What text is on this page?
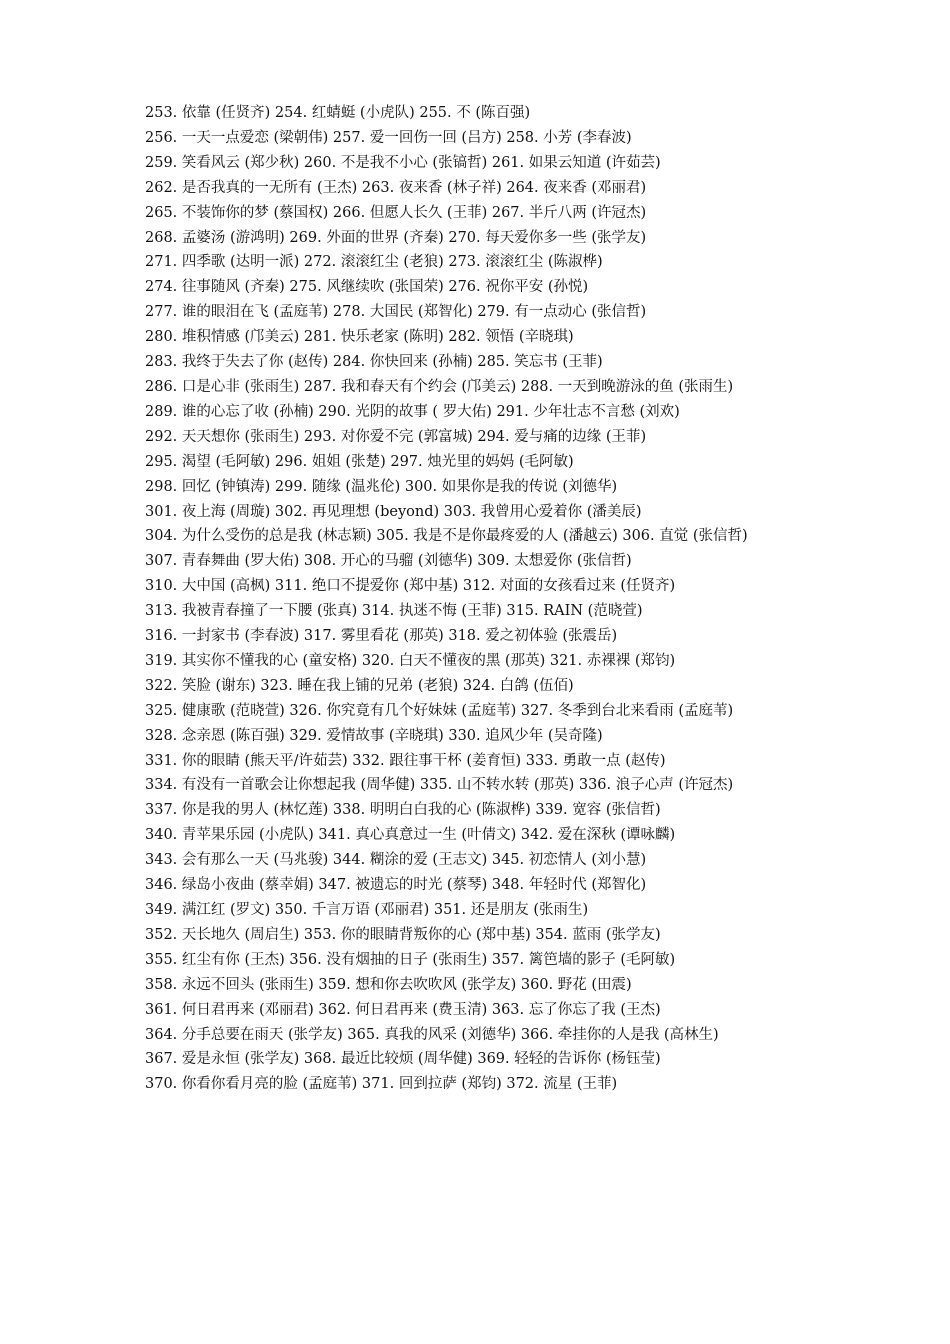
253. 依靠 (任贤齐) 254. 红蜻蜓 (小虎队) 255. 不 (陈百强)
256. 一天一点爱恋 (梁朝伟) 257. 爱一回伤一回 (吕方) 258. 小芳 (李春波)
259. 笑看风云 (郑少秋) 260. 不是我不小心 (张镐哲) 261. 如果云知道 (许茹芸)
262. 是否我真的一无所有 (王杰) 263. 夜来香 (林子祥) 264. 夜来香 (邓丽君)
265. 不装饰你的梦 (蔡国权) 266. 但愿人长久 (王菲) 267. 半斤八两 (许冠杰)
268. 孟婆汤 (游鸿明) 269. 外面的世界 (齐秦) 270. 每天爱你多一些 (张学友)
271. 四季歌 (达明一派) 272. 滚滚红尘 (老狼) 273. 滚滚红尘 (陈淑桦)
274. 往事随风 (齐秦) 275. 风继续吹 (张国荣) 276. 祝你平安 (孙悦)
277. 谁的眼泪在飞 (孟庭苇) 278. 大国民 (郑智化) 279. 有一点动心 (张信哲)
280. 堆积情感 (邝美云) 281. 快乐老家 (陈明) 282. 领悟 (辛晓琪)
283. 我终于失去了你 (赵传) 284. 你快回来 (孙楠) 285. 笑忘书 (王菲)
286. 口是心非 (张雨生) 287. 我和春天有个约会 (邝美云) 288. 一天到晚游泳的鱼 (张雨生)
289. 谁的心忘了收 (孙楠) 290. 光阴的故事 ( 罗大佑) 291. 少年壮志不言愁 (刘欢)
292. 天天想你 (张雨生) 293. 对你爱不完 (郭富城) 294. 爱与痛的边缘 (王菲)
295. 渴望 (毛阿敏) 296. 姐姐 (张楚) 297. 烛光里的妈妈 (毛阿敏)
298. 回忆 (钟镇涛) 299. 随缘 (温兆伦) 300. 如果你是我的传说 (刘德华)
301. 夜上海 (周璇) 302. 再见理想 (beyond) 303. 我曾用心爱着你 (潘美辰)
304. 为什么受伤的总是我 (林志颖) 305. 我是不是你最疼爱的人 (潘越云) 306. 直觉 (张信哲)
307. 青春舞曲 (罗大佑) 308. 开心的马骝 (刘德华) 309. 太想爱你 (张信哲)
310. 大中国 (高枫) 311. 绝口不提爱你 (郑中基) 312. 对面的女孩看过来 (任贤齐)
313. 我被青春撞了一下腰 (张真) 314. 执迷不悔 (王菲) 315. RAIN (范晓萱)
316. 一封家书 (李春波) 317. 雾里看花 (那英) 318. 爱之初体验 (张震岳)
319. 其实你不懂我的心 (童安格) 320. 白天不懂夜的黑 (那英) 321. 赤裸裸 (郑钧)
322. 笑脸 (谢东) 323. 睡在我上铺的兄弟 (老狼) 324. 白鸽 (伍佰)
325. 健康歌 (范晓萱) 326. 你究竟有几个好妹妹 (孟庭苇) 327. 冬季到台北来看雨 (孟庭苇)
328. 念亲恩 (陈百强) 329. 爱情故事 (辛晓琪) 330. 追风少年 (吴奇隆)
331. 你的眼睛 (熊天平/许茹芸) 332. 跟往事干杯 (姜育恒) 333. 勇敢一点 (赵传)
334. 有没有一首歌会让你想起我 (周华健) 335. 山不转水转 (那英) 336. 浪子心声 (许冠杰)
337. 你是我的男人 (林忆莲) 338. 明明白白我的心 (陈淑桦) 339. 宽容 (张信哲)
340. 青苹果乐园 (小虎队) 341. 真心真意过一生 (叶倩文) 342. 爱在深秋 (谭咏麟)
343. 会有那么一天 (马兆骏) 344. 糊涂的爱 (王志文) 345. 初恋情人 (刘小慧)
346. 绿岛小夜曲 (蔡幸娟) 347. 被遗忘的时光 (蔡琴) 348. 年轻时代 (郑智化)
349. 满江红 (罗文) 350. 千言万语 (邓丽君) 351. 还是朋友 (张雨生)
352. 天长地久 (周启生) 353. 你的眼睛背叛你的心 (郑中基) 354. 蓝雨 (张学友)
355. 红尘有你 (王杰) 356. 没有烟抽的日子 (张雨生) 357. 篱笆墙的影子 (毛阿敏)
358. 永远不回头 (张雨生) 359. 想和你去吹吹风 (张学友) 360. 野花 (田震)
361. 何日君再来 (邓丽君) 362. 何日君再来 (费玉清) 363. 忘了你忘了我 (王杰)
364. 分手总要在雨天 (张学友) 365. 真我的风采 (刘德华) 366. 牵挂你的人是我 (高林生)
367. 爱是永恒 (张学友) 368. 最近比较烦 (周华健) 369. 轻轻的告诉你 (杨钰莹)
370. 你看你看月亮的脸 (孟庭苇) 371. 回到拉萨 (郑钧) 372. 流星 (王菲)
